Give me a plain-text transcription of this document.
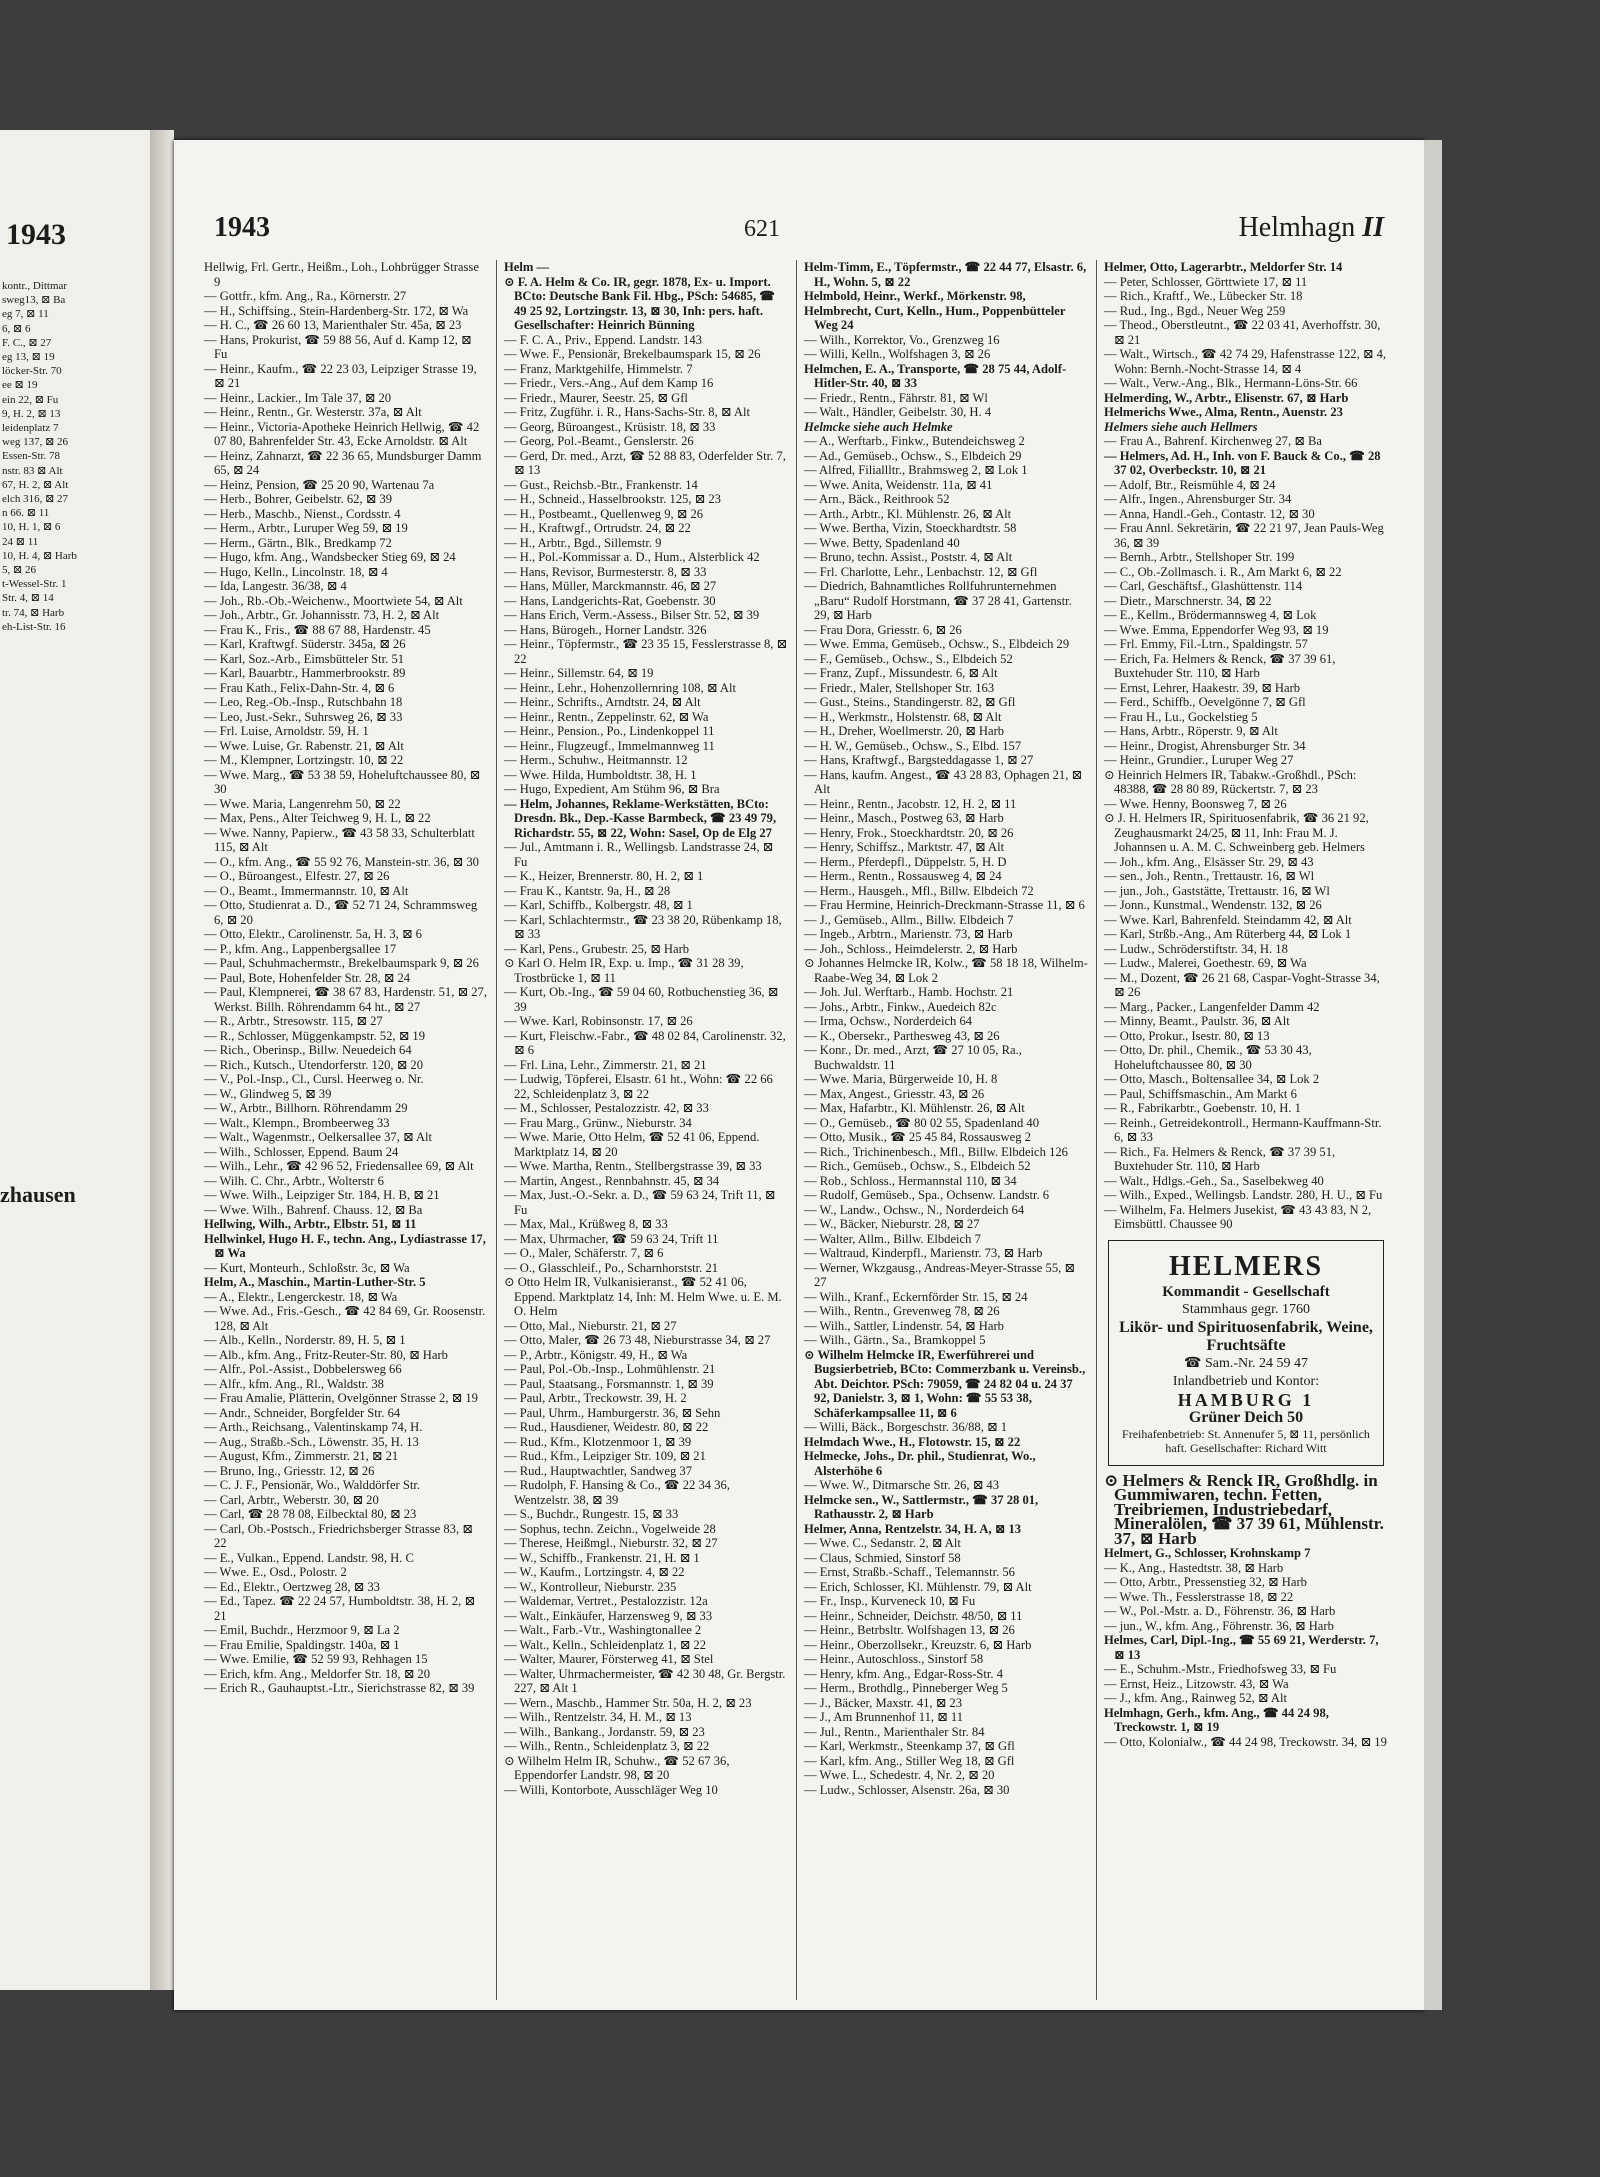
1943
kontr., Dittmar
sweg13, ⊠ Ba
eg 7, ⊠ 11
6, ⊠ 6
F. C., ⊠ 27
eg 13, ⊠ 19
löcker-Str. 70
ee ⊠ 19
ein 22, ⊠ Fu
9, H. 2, ⊠ 13
leidenplatz 7
weg 137, ⊠ 26
Essen-Str. 78
nstr. 83 ⊠ Alt
67, H. 2, ⊠ Alt
elch 316, ⊠ 27
n 66. ⊠ 11
10, H. 1, ⊠ 6
24 ⊠ 11
10, H. 4, ⊠ Harb
5, ⊠ 26
t-Wessel-Str. 1
Str. 4, ⊠ 14
tr. 74, ⊠ Harb
eh-List-Str. 16
zhausen
1943	621	Helmhagn II

Hellwig, Frl. Gertr., Heißm., Loh., Lohbrügger Strasse 9

— Gottfr., kfm. Ang., Ra., Körnerstr. 27

— H., Schiffsing., Stein-Hardenberg-Str. 172, ⊠ Wa

— H. C., ☎ 26 60 13, Marienthaler Str. 45a, ⊠ 23

— Hans, Prokurist, ☎ 59 88 56, Auf d. Kamp 12, ⊠ Fu

— Heinr., Kaufm., ☎ 22 23 03, Leipziger Strasse 19, ⊠ 21

— Heinr., Lackier., Im Tale 37, ⊠ 20

— Heinr., Rentn., Gr. Westerstr. 37a, ⊠ Alt

— Heinr., Victoria-Apotheke Heinrich Hellwig, ☎ 42 07 80, Bahrenfelder Str. 43, Ecke Arnoldstr. ⊠ Alt

— Heinz, Zahnarzt, ☎ 22 36 65, Mundsburger Damm 65, ⊠ 24

— Heinz, Pension, ☎ 25 20 90, Wartenau 7a

— Herb., Bohrer, Geibelstr. 62, ⊠ 39

— Herb., Maschb., Nienst., Cordsstr. 4

— Herm., Arbtr., Luruper Weg 59, ⊠ 19

— Herm., Gärtn., Blk., Bredkamp 72

— Hugo, kfm. Ang., Wandsbecker Stieg 69, ⊠ 24

— Hugo, Kelln., Lincolnstr. 18, ⊠ 4

— Ida, Langestr. 36/38, ⊠ 4

— Joh., Rb.-Ob.-Weichenw., Moortwiete 54, ⊠ Alt

— Joh., Arbtr., Gr. Johannisstr. 73, H. 2, ⊠ Alt

— Frau K., Fris., ☎ 88 67 88, Hardenstr. 45

— Karl, Kraftwgf. Süderstr. 345a, ⊠ 26

— Karl, Soz.-Arb., Eimsbütteler Str. 51

— Karl, Bauarbtr., Hammerbrookstr. 89

— Frau Kath., Felix-Dahn-Str. 4, ⊠ 6

— Leo, Reg.-Ob.-Insp., Rutschbahn 18

— Leo, Just.-Sekr., Suhrsweg 26, ⊠ 33

— Frl. Luise, Arnoldstr. 59, H. 1

— Wwe. Luise, Gr. Rabenstr. 21, ⊠ Alt

— M., Klempner, Lortzingstr. 10, ⊠ 22

— Wwe. Marg., ☎ 53 38 59, Hoheluftchaussee 80, ⊠ 30

— Wwe. Maria, Langenrehm 50, ⊠ 22

— Max, Pens., Alter Teichweg 9, H. L, ⊠ 22

— Wwe. Nanny, Papierw., ☎ 43 58 33, Schulterblatt 115, ⊠ Alt

— O., kfm. Ang., ☎ 55 92 76, Manstein-str. 36, ⊠ 30

— O., Büroangest., Elfestr. 27, ⊠ 26

— O., Beamt., Immermannstr. 10, ⊠ Alt

— Otto, Studienrat a. D., ☎ 52 71 24, Schrammsweg 6, ⊠ 20

— Otto, Elektr., Carolinenstr. 5a, H. 3, ⊠ 6

— P., kfm. Ang., Lappenbergsallee 17

— Paul, Schuhmachermstr., Brekelbaumspark 9, ⊠ 26

— Paul, Bote, Hohenfelder Str. 28, ⊠ 24

— Paul, Klempnerei, ☎ 38 67 83, Hardenstr. 51, ⊠ 27, Werkst. Billh. Röhrendamm 64 ht., ⊠ 27

— R., Arbtr., Stresowstr. 115, ⊠ 27

— R., Schlosser, Müggenkampstr. 52, ⊠ 19

— Rich., Oberinsp., Billw. Neuedeich 64

— Rich., Kutsch., Utendorferstr. 120, ⊠ 20

— V., Pol.-Insp., Cl., Cursl. Heerweg o. Nr.

— W., Glindweg 5, ⊠ 39

— W., Arbtr., Billhorn. Röhrendamm 29

— Walt., Klempn., Brombeerweg 33

— Walt., Wagenmstr., Oelkersallee 37, ⊠ Alt

— Wilh., Schlosser, Eppend. Baum 24

— Wilh., Lehr., ☎ 42 96 52, Friedensallee 69, ⊠ Alt

— Wilh. C. Chr., Arbtr., Wolterstr 6

— Wwe. Wilh., Leipziger Str. 184, H. B, ⊠ 21

— Wwe. Wilh., Bahrenf. Chauss. 12, ⊠ Ba

Hellwing, Wilh., Arbtr., Elbstr. 51, ⊠ 11

Hellwinkel, Hugo H. F., techn. Ang., Lydiastrasse 17, ⊠ Wa

— Kurt, Monteurh., Schloßstr. 3c, ⊠ Wa

Helm, A., Maschin., Martin-Luther-Str. 5

— A., Elektr., Lengerckestr. 18, ⊠ Wa

— Wwe. Ad., Fris.-Gesch., ☎ 42 84 69, Gr. Roosenstr. 128, ⊠ Alt

— Alb., Kelln., Norderstr. 89, H. 5, ⊠ 1

— Alb., kfm. Ang., Fritz-Reuter-Str. 80, ⊠ Harb

— Alfr., Pol.-Assist., Dobbelersweg 66

— Alfr., kfm. Ang., Rl., Waldstr. 38

— Frau Amalie, Plätterin, Ovelgönner Strasse 2, ⊠ 19

— Andr., Schneider, Borgfelder Str. 64

— Arth., Reichsang., Valentinskamp 74, H.

— Aug., Straßb.-Sch., Löwenstr. 35, H. 13

— August, Kfm., Zimmerstr. 21, ⊠ 21

— Bruno, Ing., Griesstr. 12, ⊠ 26

— C. J. F., Pensionär, Wo., Walddörfer Str.

— Carl, Arbtr., Weberstr. 30, ⊠ 20

— Carl, ☎ 28 78 08, Eilbecktal 80, ⊠ 23

— Carl, Ob.-Postsch., Friedrichsberger Strasse 83, ⊠ 22

— E., Vulkan., Eppend. Landstr. 98, H. C

— Wwe. E., Osd., Polostr. 2

— Ed., Elektr., Oertzweg 28, ⊠ 33

— Ed., Tapez. ☎ 22 24 57, Humboldtstr. 38, H. 2, ⊠ 21

— Emil, Buchdr., Herzmoor 9, ⊠ La 2

— Frau Emilie, Spaldingstr. 140a, ⊠ 1

— Wwe. Emilie, ☎ 52 59 93, Rehhagen 15

— Erich, kfm. Ang., Meldorfer Str. 18, ⊠ 20

— Erich R., Gauhauptst.-Ltr., Sierichstrasse 82, ⊠ 39

Helm —

⊙ F. A. Helm & Co. IR, gegr. 1878, Ex- u. Import. BCto: Deutsche Bank Fil. Hbg., PSch: 54685, ☎ 49 25 92, Lortzingstr. 13, ⊠ 30, Inh: pers. haft. Gesellschafter: Heinrich Bünning

— F. C. A., Priv., Eppend. Landstr. 143

— Wwe. F., Pensionär, Brekelbaumspark 15, ⊠ 26

— Franz, Marktgehilfe, Himmelstr. 7

— Friedr., Vers.-Ang., Auf dem Kamp 16

— Friedr., Maurer, Seestr. 25, ⊠ Gfl

— Fritz, Zugführ. i. R., Hans-Sachs-Str. 8, ⊠ Alt

— Georg, Büroangest., Krüsistr. 18, ⊠ 33

— Georg, Pol.-Beamt., Genslerstr. 26

— Gerd, Dr. med., Arzt, ☎ 52 88 83, Oderfelder Str. 7, ⊠ 13

— Gust., Reichsb.-Btr., Frankenstr. 14

— H., Schneid., Hasselbrookstr. 125, ⊠ 23

— H., Postbeamt., Quellenweg 9, ⊠ 26

— H., Kraftwgf., Ortrudstr. 24, ⊠ 22

— H., Arbtr., Bgd., Sillemstr. 9

— H., Pol.-Kommissar a. D., Hum., Alsterblick 42

— Hans, Revisor, Burmesterstr. 8, ⊠ 33

— Hans, Müller, Marckmannstr. 46, ⊠ 27

— Hans, Landgerichts-Rat, Goebenstr. 30

— Hans Erich, Verm.-Assess., Bilser Str. 52, ⊠ 39

— Hans, Bürogeh., Horner Landstr. 326

— Heinr., Töpfermstr., ☎ 23 35 15, Fesslerstrasse 8, ⊠ 22

— Heinr., Sillemstr. 64, ⊠ 19

— Heinr., Lehr., Hohenzollernring 108, ⊠ Alt

— Heinr., Schrifts., Arndtstr. 24, ⊠ Alt

— Heinr., Rentn., Zeppelinstr. 62, ⊠ Wa

— Heinr., Pension., Po., Lindenkoppel 11

— Heinr., Flugzeugf., Immelmannweg 11

— Herm., Schuhw., Heitmannstr. 12

— Wwe. Hilda, Humboldtstr. 38, H. 1

— Hugo, Expedient, Am Stühm 96, ⊠ Bra

— Helm, Johannes, Reklame-Werkstätten, BCto: Dresdn. Bk., Dep.-Kasse Barmbeck, ☎ 23 49 79, Richardstr. 55, ⊠ 22, Wohn: Sasel, Op de Elg 27

— Jul., Amtmann i. R., Wellingsb. Landstrasse 24, ⊠ Fu

— K., Heizer, Brennerstr. 80, H. 2, ⊠ 1

— Frau K., Kantstr. 9a, H., ⊠ 28

— Karl, Schiffb., Kolbergstr. 48, ⊠ 1

— Karl, Schlachtermstr., ☎ 23 38 20, Rübenkamp 18, ⊠ 33

— Karl, Pens., Grubestr. 25, ⊠ Harb

⊙ Karl O. Helm IR, Exp. u. Imp., ☎ 31 28 39, Trostbrücke 1, ⊠ 11

— Kurt, Ob.-Ing., ☎ 59 04 60, Rotbuchenstieg 36, ⊠ 39

— Wwe. Karl, Robinsonstr. 17, ⊠ 26

— Kurt, Fleischw.-Fabr., ☎ 48 02 84, Carolinenstr. 32, ⊠ 6

— Frl. Lina, Lehr., Zimmerstr. 21, ⊠ 21

— Ludwig, Töpferei, Elsastr. 61 ht., Wohn: ☎ 22 66 22, Schleidenplatz 3, ⊠ 22

— M., Schlosser, Pestalozzistr. 42, ⊠ 33

— Frau Marg., Grünw., Nieburstr. 34

— Wwe. Marie, Otto Helm, ☎ 52 41 06, Eppend. Marktplatz 14, ⊠ 20

— Wwe. Martha, Rentn., Stellbergstrasse 39, ⊠ 33

— Martin, Angest., Rennbahnstr. 45, ⊠ 34

— Max, Just.-O.-Sekr. a. D., ☎ 59 63 24, Trift 11, ⊠ Fu

— Max, Mal., Krüßweg 8, ⊠ 33

— Max, Uhrmacher, ☎ 59 63 24, Trift 11

— O., Maler, Schäferstr. 7, ⊠ 6

— O., Glasschleif., Po., Scharnhorststr. 21

⊙ Otto Helm IR, Vulkanisieranst., ☎ 52 41 06, Eppend. Marktplatz 14, Inh: M. Helm Wwe. u. E. M. O. Helm

— Otto, Mal., Nieburstr. 21, ⊠ 27

— Otto, Maler, ☎ 26 73 48, Nieburstrasse 34, ⊠ 27

— P., Arbtr., Königstr. 49, H., ⊠ Wa

— Paul, Pol.-Ob.-Insp., Lohmühlenstr. 21

— Paul, Staatsang., Forsmannstr. 1, ⊠ 39

— Paul, Arbtr., Treckowstr. 39, H. 2

— Paul, Uhrm., Hamburgerstr. 36, ⊠ Sehn

— Rud., Hausdiener, Weidestr. 80, ⊠ 22

— Rud., Kfm., Klotzenmoor 1, ⊠ 39

— Rud., Kfm., Leipziger Str. 109, ⊠ 21

— Rud., Hauptwachtler, Sandweg 37

— Rudolph, F. Hansing & Co., ☎ 22 34 36, Wentzelstr. 38, ⊠ 39

— S., Buchdr., Rungestr. 15, ⊠ 33

— Sophus, techn. Zeichn., Vogelweide 28

— Therese, Heißmgl., Nieburstr. 32, ⊠ 27

— W., Schiffb., Frankenstr. 21, H. ⊠ 1

— W., Kaufm., Lortzingstr. 4, ⊠ 22

— W., Kontrolleur, Nieburstr. 235

— Waldemar, Vertret., Pestalozzistr. 12a

— Walt., Einkäufer, Harzensweg 9, ⊠ 33

— Walt., Farb.-Vtr., Washingtonallee 2

— Walt., Kelln., Schleidenplatz 1, ⊠ 22

— Walter, Maurer, Försterweg 41, ⊠ Stel

— Walter, Uhrmachermeister, ☎ 42 30 48, Gr. Bergstr. 227, ⊠ Alt 1

— Wern., Maschb., Hammer Str. 50a, H. 2, ⊠ 23

— Wilh., Rentzelstr. 34, H. M., ⊠ 13

— Wilh., Bankang., Jordanstr. 59, ⊠ 23

— Wilh., Rentn., Schleidenplatz 3, ⊠ 22

⊙ Wilhelm Helm IR, Schuhw., ☎ 52 67 36, Eppendorfer Landstr. 98, ⊠ 20

— Willi, Kontorbote, Ausschläger Weg 10

Helm-Timm, E., Töpfermstr., ☎ 22 44 77, Elsastr. 6, H., Wohn. 5, ⊠ 22

Helmbold, Heinr., Werkf., Mörkenstr. 98,

Helmbrecht, Curt, Kelln., Hum., Poppenbütteler Weg 24

— Wilh., Korrektor, Vo., Grenzweg 16

— Willi, Kelln., Wolfshagen 3, ⊠ 26

Helmchen, E. A., Transporte, ☎ 28 75 44, Adolf-Hitler-Str. 40, ⊠ 33

— Friedr., Rentn., Fährstr. 81, ⊠ Wl

— Walt., Händler, Geibelstr. 30, H. 4

Helmcke siehe auch Helmke

— A., Werftarb., Finkw., Butendeichsweg 2

— Ad., Gemüseb., Ochsw., S., Elbdeich 29

— Alfred, Filiallltr., Brahmsweg 2, ⊠ Lok 1

— Wwe. Anita, Weidenstr. 11a, ⊠ 41

— Arn., Bäck., Reithrook 52

— Arth., Arbtr., Kl. Mühlenstr. 26, ⊠ Alt

— Wwe. Bertha, Vizin, Stoeckhardtstr. 58

— Wwe. Betty, Spadenland 40

— Bruno, techn. Assist., Poststr. 4, ⊠ Alt

— Frl. Charlotte, Lehr., Lenbachstr. 12, ⊠ Gfl

— Diedrich, Bahnamtliches Rollfuhrunternehmen „Baru“ Rudolf Horstmann, ☎ 37 28 41, Gartenstr. 29, ⊠ Harb

— Frau Dora, Griesstr. 6, ⊠ 26

— Wwe. Emma, Gemüseb., Ochsw., S., Elbdeich 29

— F., Gemüseb., Ochsw., S., Elbdeich 52

— Franz, Zupf., Missundestr. 6, ⊠ Alt

— Friedr., Maler, Stellshoper Str. 163

— Gust., Steins., Standingerstr. 82, ⊠ Gfl

— H., Werkmstr., Holstenstr. 68, ⊠ Alt

— H., Dreher, Woellmerstr. 20, ⊠ Harb

— H. W., Gemüseb., Ochsw., S., Elbd. 157

— Hans, Kraftwgf., Bargsteddagasse 1, ⊠ 27

— Hans, kaufm. Angest., ☎ 43 28 83, Ophagen 21, ⊠ Alt

— Heinr., Rentn., Jacobstr. 12, H. 2, ⊠ 11

— Heinr., Masch., Postweg 63, ⊠ Harb

— Henry, Frok., Stoeckhardtstr. 20, ⊠ 26

— Henry, Schiffsz., Marktstr. 47, ⊠ Alt

— Herm., Pferdepfl., Düppelstr. 5, H. D

— Herm., Rentn., Rossausweg 4, ⊠ 24

— Herm., Hausgeh., Mfl., Billw. Elbdeich 72

— Frau Hermine, Heinrich-Dreckmann-Strasse 11, ⊠ 6

— J., Gemüseb., Allm., Billw. Elbdeich 7

— Ingeb., Arbtrn., Marienstr. 73, ⊠ Harb

— Joh., Schloss., Heimdelerstr. 2, ⊠ Harb

⊙ Johannes Helmcke IR, Kolw., ☎ 58 18 18, Wilhelm-Raabe-Weg 34, ⊠ Lok 2

— Joh. Jul. Werftarb., Hamb. Hochstr. 21

— Johs., Arbtr., Finkw., Auedeich 82c

— Irma, Ochsw., Norderdeich 64

— K., Obersekr., Parthesweg 43, ⊠ 26

— Konr., Dr. med., Arzt, ☎ 27 10 05, Ra., Buchwaldstr. 11

— Wwe. Maria, Bürgerweide 10, H. 8

— Max, Angest., Griesstr. 43, ⊠ 26

— Max, Hafarbtr., Kl. Mühlenstr. 26, ⊠ Alt

— O., Gemüseb., ☎ 80 02 55, Spadenland 40

— Otto, Musik., ☎ 25 45 84, Rossausweg 2

— Rich., Trichinenbesch., Mfl., Billw. Elbdeich 126

— Rich., Gemüseb., Ochsw., S., Elbdeich 52

— Rob., Schloss., Hermannstal 110, ⊠ 34

— Rudolf, Gemüseb., Spa., Ochsenw. Landstr. 6

— W., Landw., Ochsw., N., Norderdeich 64

— W., Bäcker, Nieburstr. 28, ⊠ 27

— Walter, Allm., Billw. Elbdeich 7

— Waltraud, Kinderpfl., Marienstr. 73, ⊠ Harb

— Werner, Wkzgausg., Andreas-Meyer-Strasse 55, ⊠ 27

— Wilh., Kranf., Eckernförder Str. 15, ⊠ 24

— Wilh., Rentn., Grevenweg 78, ⊠ 26

— Wilh., Sattler, Lindenstr. 54, ⊠ Harb

— Wilh., Gärtn., Sa., Bramkoppel 5

⊙ Wilhelm Helmcke IR, Ewerführerei und Bugsierbetrieb, BCto: Commerzbank u. Vereinsb., Abt. Deichtor. PSch: 79059, ☎ 24 82 04 u. 24 37 92, Danielstr. 3, ⊠ 1, Wohn: ☎ 55 53 38, Schäferkampsallee 11, ⊠ 6

— Willi, Bäck., Borgeschstr. 36/88, ⊠ 1

Helmdach Wwe., H., Flotowstr. 15, ⊠ 22

Helmecke, Johs., Dr. phil., Studienrat, Wo., Alsterhöhe 6

— Wwe. W., Ditmarsche Str. 26, ⊠ 43

Helmcke sen., W., Sattlermstr., ☎ 37 28 01, Rathausstr. 2, ⊠ Harb

Helmer, Anna, Rentzelstr. 34, H. A, ⊠ 13

— Wwe. C., Sedanstr. 2, ⊠ Alt

— Claus, Schmied, Sinstorf 58

— Ernst, Straßb.-Schaff., Telemannstr. 56

— Erich, Schlosser, Kl. Mühlenstr. 79, ⊠ Alt

— Fr., Insp., Kurveneck 10, ⊠ Fu

— Heinr., Schneider, Deichstr. 48/50, ⊠ 11

— Heinr., Betrbsltr. Wolfshagen 13, ⊠ 26

— Heinr., Oberzollsekr., Kreuzstr. 6, ⊠ Harb

— Heinr., Autoschloss., Sinstorf 58

— Henry, kfm. Ang., Edgar-Ross-Str. 4

— Herm., Brothdlg., Pinneberger Weg 5

— J., Bäcker, Maxstr. 41, ⊠ 23

— J., Am Brunnenhof 11, ⊠ 11

— Jul., Rentn., Marienthaler Str. 84

— Karl, Werkmstr., Steenkamp 37, ⊠ Gfl

— Karl, kfm. Ang., Stiller Weg 18, ⊠ Gfl

— Wwe. L., Schedestr. 4, Nr. 2, ⊠ 20

— Ludw., Schlosser, Alsenstr. 26a, ⊠ 30

Helmer, Otto, Lagerarbtr., Meldorfer Str. 14

— Peter, Schlosser, Görttwiete 17, ⊠ 11

— Rich., Kraftf., We., Lübecker Str. 18

— Rud., Ing., Bgd., Neuer Weg 259

— Theod., Oberstleutnt., ☎ 22 03 41, Averhoffstr. 30, ⊠ 21

— Walt., Wirtsch., ☎ 42 74 29, Hafenstrasse 122, ⊠ 4, Wohn: Bernh.-Nocht-Strasse 14, ⊠ 4

— Walt., Verw.-Ang., Blk., Hermann-Löns-Str. 66

Helmerding, W., Arbtr., Elisenstr. 67, ⊠ Harb

Helmerichs Wwe., Alma, Rentn., Auenstr. 23

Helmers siehe auch Hellmers

— Frau A., Bahrenf. Kirchenweg 27, ⊠ Ba

— Helmers, Ad. H., Inh. von F. Bauck & Co., ☎ 28 37 02, Overbeckstr. 10, ⊠ 21

— Adolf, Btr., Reismühle 4, ⊠ 24

— Alfr., Ingen., Ahrensburger Str. 34

— Anna, Handl.-Geh., Contastr. 12, ⊠ 30

— Frau Annl. Sekretärin, ☎ 22 21 97, Jean Pauls-Weg 36, ⊠ 39

— Bernh., Arbtr., Stellshoper Str. 199

— C., Ob.-Zollmasch. i. R., Am Markt 6, ⊠ 22

— Carl, Geschäftsf., Glashüttenstr. 114

— Dietr., Marschnerstr. 34, ⊠ 22

— E., Kellm., Brödermannsweg 4, ⊠ Lok

— Wwe. Emma, Eppendorfer Weg 93, ⊠ 19

— Frl. Emmy, Fil.-Ltrn., Spaldingstr. 57

— Erich, Fa. Helmers & Renck, ☎ 37 39 61, Buxtehuder Str. 110, ⊠ Harb

— Ernst, Lehrer, Haakestr. 39, ⊠ Harb

— Ferd., Schiffb., Oevelgönne 7, ⊠ Gfl

— Frau H., Lu., Gockelstieg 5

— Hans, Arbtr., Röperstr. 9, ⊠ Alt

— Heinr., Drogist, Ahrensburger Str. 34

— Heinr., Grundier., Luruper Weg 27

⊙ Heinrich Helmers IR, Tabakw.-Großhdl., PSch: 48388, ☎ 28 80 89, Rückertstr. 7, ⊠ 23

— Wwe. Henny, Boonsweg 7, ⊠ 26

⊙ J. H. Helmers IR, Spirituosenfabrik, ☎ 36 21 92, Zeughausmarkt 24/25, ⊠ 11, Inh: Frau M. J. Johannsen u. A. M. C. Schweinberg geb. Helmers

— Joh., kfm. Ang., Elsässer Str. 29, ⊠ 43

— sen., Joh., Rentn., Trettaustr. 16, ⊠ Wl

— jun., Joh., Gaststätte, Trettaustr. 16, ⊠ Wl

— Jonn., Kunstmal., Wendenstr. 132, ⊠ 26

— Wwe. Karl, Bahrenfeld. Steindamm 42, ⊠ Alt

— Karl, Strßb.-Ang., Am Rüterberg 44, ⊠ Lok 1

— Ludw., Schröderstiftstr. 34, H. 18

— Ludw., Malerei, Goethestr. 69, ⊠ Wa

— M., Dozent, ☎ 26 21 68, Caspar-Voght-Strasse 34, ⊠ 26

— Marg., Packer., Langenfelder Damm 42

— Minny, Beamt., Paulstr. 36, ⊠ Alt

— Otto, Prokur., Isestr. 80, ⊠ 13

— Otto, Dr. phil., Chemik., ☎ 53 30 43, Hoheluftchaussee 80, ⊠ 30

— Otto, Masch., Boltensallee 34, ⊠ Lok 2

— Paul, Schiffsmaschin., Am Markt 6

— R., Fabrikarbtr., Goebenstr. 10, H. 1

— Reinh., Getreidekontroll., Hermann-Kauffmann-Str. 6, ⊠ 33

— Rich., Fa. Helmers & Renck, ☎ 37 39 51, Buxtehuder Str. 110, ⊠ Harb

— Walt., Hdlgs.-Geh., Sa., Saselbekweg 40

— Wilh., Exped., Wellingsb. Landstr. 280, H. U., ⊠ Fu

— Wilhelm, Fa. Helmers Jusekist, ☎ 43 43 83, N 2, Eimsbüttl. Chaussee 90

HELMERS
Kommandit - Gesellschaft
Stammhaus gegr. 1760
Likör- und Spirituosenfabrik, Weine, Fruchtsäfte
☎ Sam.-Nr. 24 59 47
Inlandbetrieb und Kontor:
HAMBURG 1
Grüner Deich 50
Freihafenbetrieb: St. Annenufer 5, ⊠ 11, persönlich haft. Gesellschafter: Richard Witt

⊙ Helmers & Renck IR, Großhdlg. in Gummiwaren, techn. Fetten, Treibriemen, Industriebedarf, Mineralölen, ☎ 37 39 61, Mühlenstr. 37, ⊠ Harb

Helmert, G., Schlosser, Krohnskamp 7

— K., Ang., Hastedtstr. 38, ⊠ Harb

— Otto, Arbtr., Pressenstieg 32, ⊠ Harb

— Wwe. Th., Fesslerstrasse 18, ⊠ 22

— W., Pol.-Mstr. a. D., Föhrenstr. 36, ⊠ Harb

— jun., W., kfm. Ang., Föhrenstr. 36, ⊠ Harb

Helmes, Carl, Dipl.-Ing., ☎ 55 69 21, Werderstr. 7, ⊠ 13

— E., Schuhm.-Mstr., Friedhofsweg 33, ⊠ Fu

— Ernst, Heiz., Litzowstr. 43, ⊠ Wa

— J., kfm. Ang., Rainweg 52, ⊠ Alt

Helmhagn, Gerh., kfm. Ang., ☎ 44 24 98, Treckowstr. 1, ⊠ 19

— Otto, Kolonialw., ☎ 44 24 98, Treckowstr. 34, ⊠ 19
